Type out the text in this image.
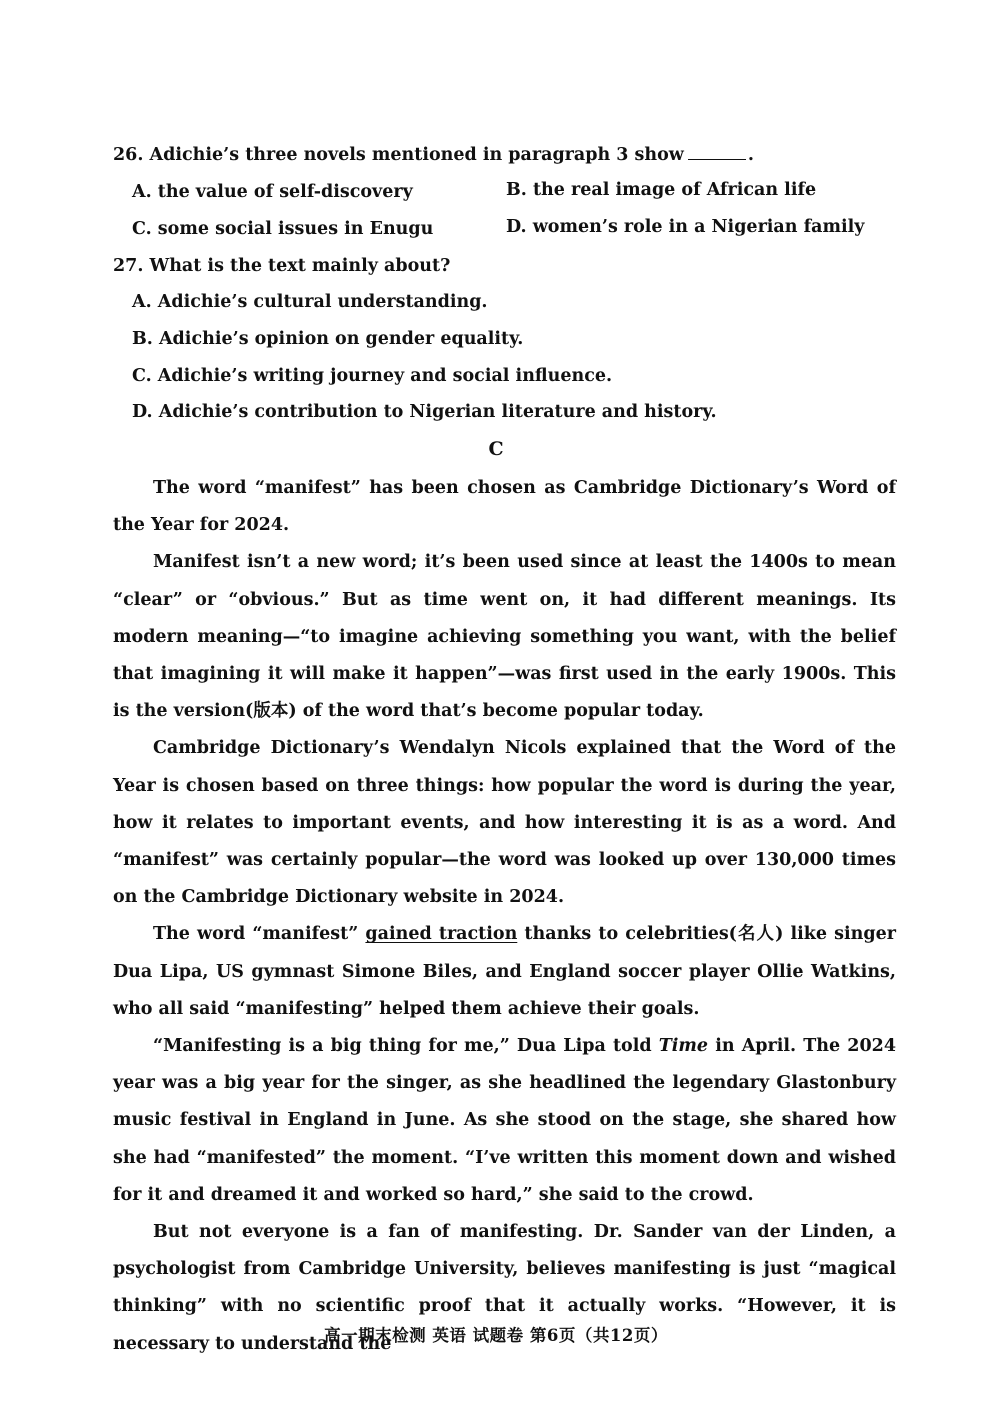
26. Adichie’s three novels mentioned in paragraph 3 show	.
A. the value of self-discovery	B. the real image of African life
C. some social issues in Enugu	D. women’s role in a Nigerian family
27. What is the text mainly about?
A. Adichie’s cultural understanding.
B. Adichie’s opinion on gender equality.
C. Adichie’s writing journey and social influence.
D. Adichie’s contribution to Nigerian literature and history.
C

The word “manifest” has been chosen as Cambridge Dictionary’s Word of the Year for 2024.

Manifest isn’t a new word; it’s been used since at least the 1400s to mean “clear” or “obvious.” But as time went on, it had different meanings. Its modern meaning—“to imagine achieving something you want, with the belief that imagining it will make it happen”—was first used in the early 1900s. This is the version(版本) of the word that’s become popular today.

Cambridge Dictionary’s Wendalyn Nicols explained that the Word of the Year is chosen based on three things: how popular the word is during the year, how it relates to important events, and how interesting it is as a word. And “manifest” was certainly popular—the word was looked up over 130,000 times on the Cambridge Dictionary website in 2024.

The word “manifest” gained traction thanks to celebrities(名人) like singer Dua Lipa, US gymnast Simone Biles, and England soccer player Ollie Watkins, who all said “manifesting” helped them achieve their goals.

“Manifesting is a big thing for me,” Dua Lipa told Time in April. The 2024 year was a big year for the singer, as she headlined the legendary Glastonbury music festival in England in June. As she stood on the stage, she shared how she had “manifested” the moment. “I’ve written this moment down and wished for it and dreamed it and worked so hard,” she said to the crowd.

But not everyone is a fan of manifesting. Dr. Sander van der Linden, a psychologist from Cambridge University, believes manifesting is just “magical thinking” with no scientific proof that it actually works. “However, it is necessary to understand the

高一期末检测 英语 试题卷 第6页（共12页）
